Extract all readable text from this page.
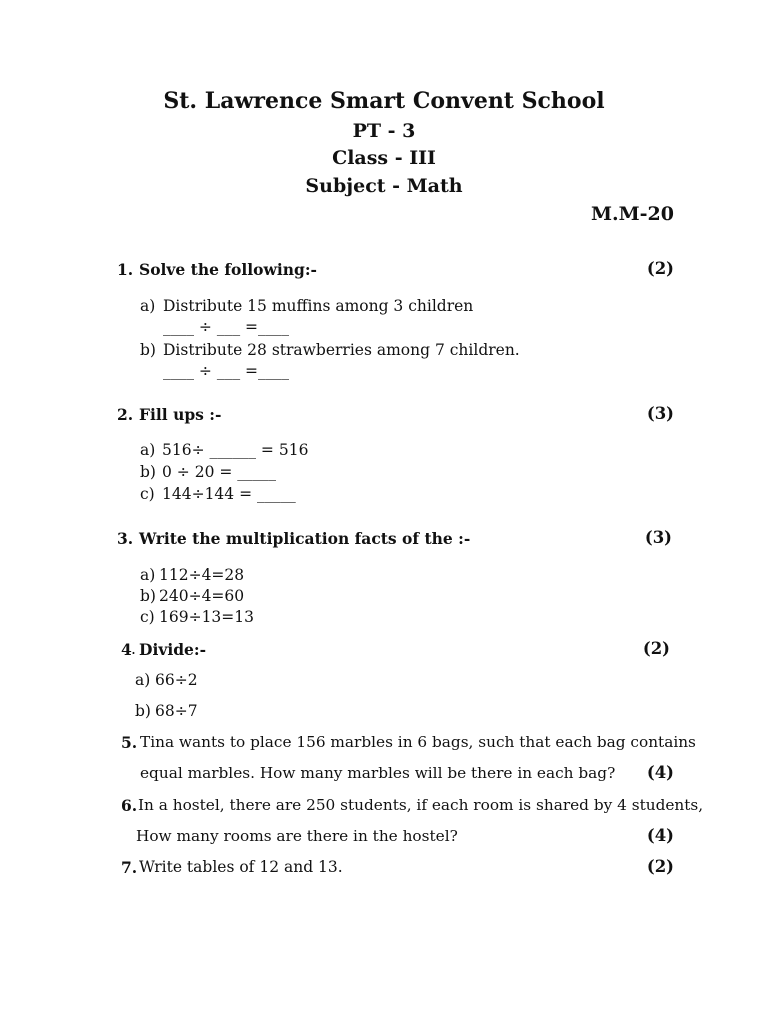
St. Lawrence Smart Convent School
PT - 3
Class - III
Subject - Math
M.M-20
1. Solve the following:-	(2)
a) Distribute 15 muffins among 3 children
____ ÷ ___ =____
b) Distribute 28 strawberries among 7 children.
____ ÷ ___ =____
2. Fill ups :-	(3)
a) 516÷ ______ = 516
b) 0 ÷ 20 = _____
c) 144÷144 = _____
3. Write the multiplication facts of the :-	(3)
a) 112÷4=28
b) 240÷4=60
c) 169÷13=13
4 . Divide:-	(2)
a) 66÷2
b) 68÷7
5. Tina wants to place 156 marbles in 6 bags, such that each bag contains
equal marbles. How many marbles will be there in each bag?	(4)
6. In a hostel, there are 250 students, if each room is shared by 4 students,
How many rooms are there in the hostel?	(4)
7. Write tables of 12 and 13.	(2)
